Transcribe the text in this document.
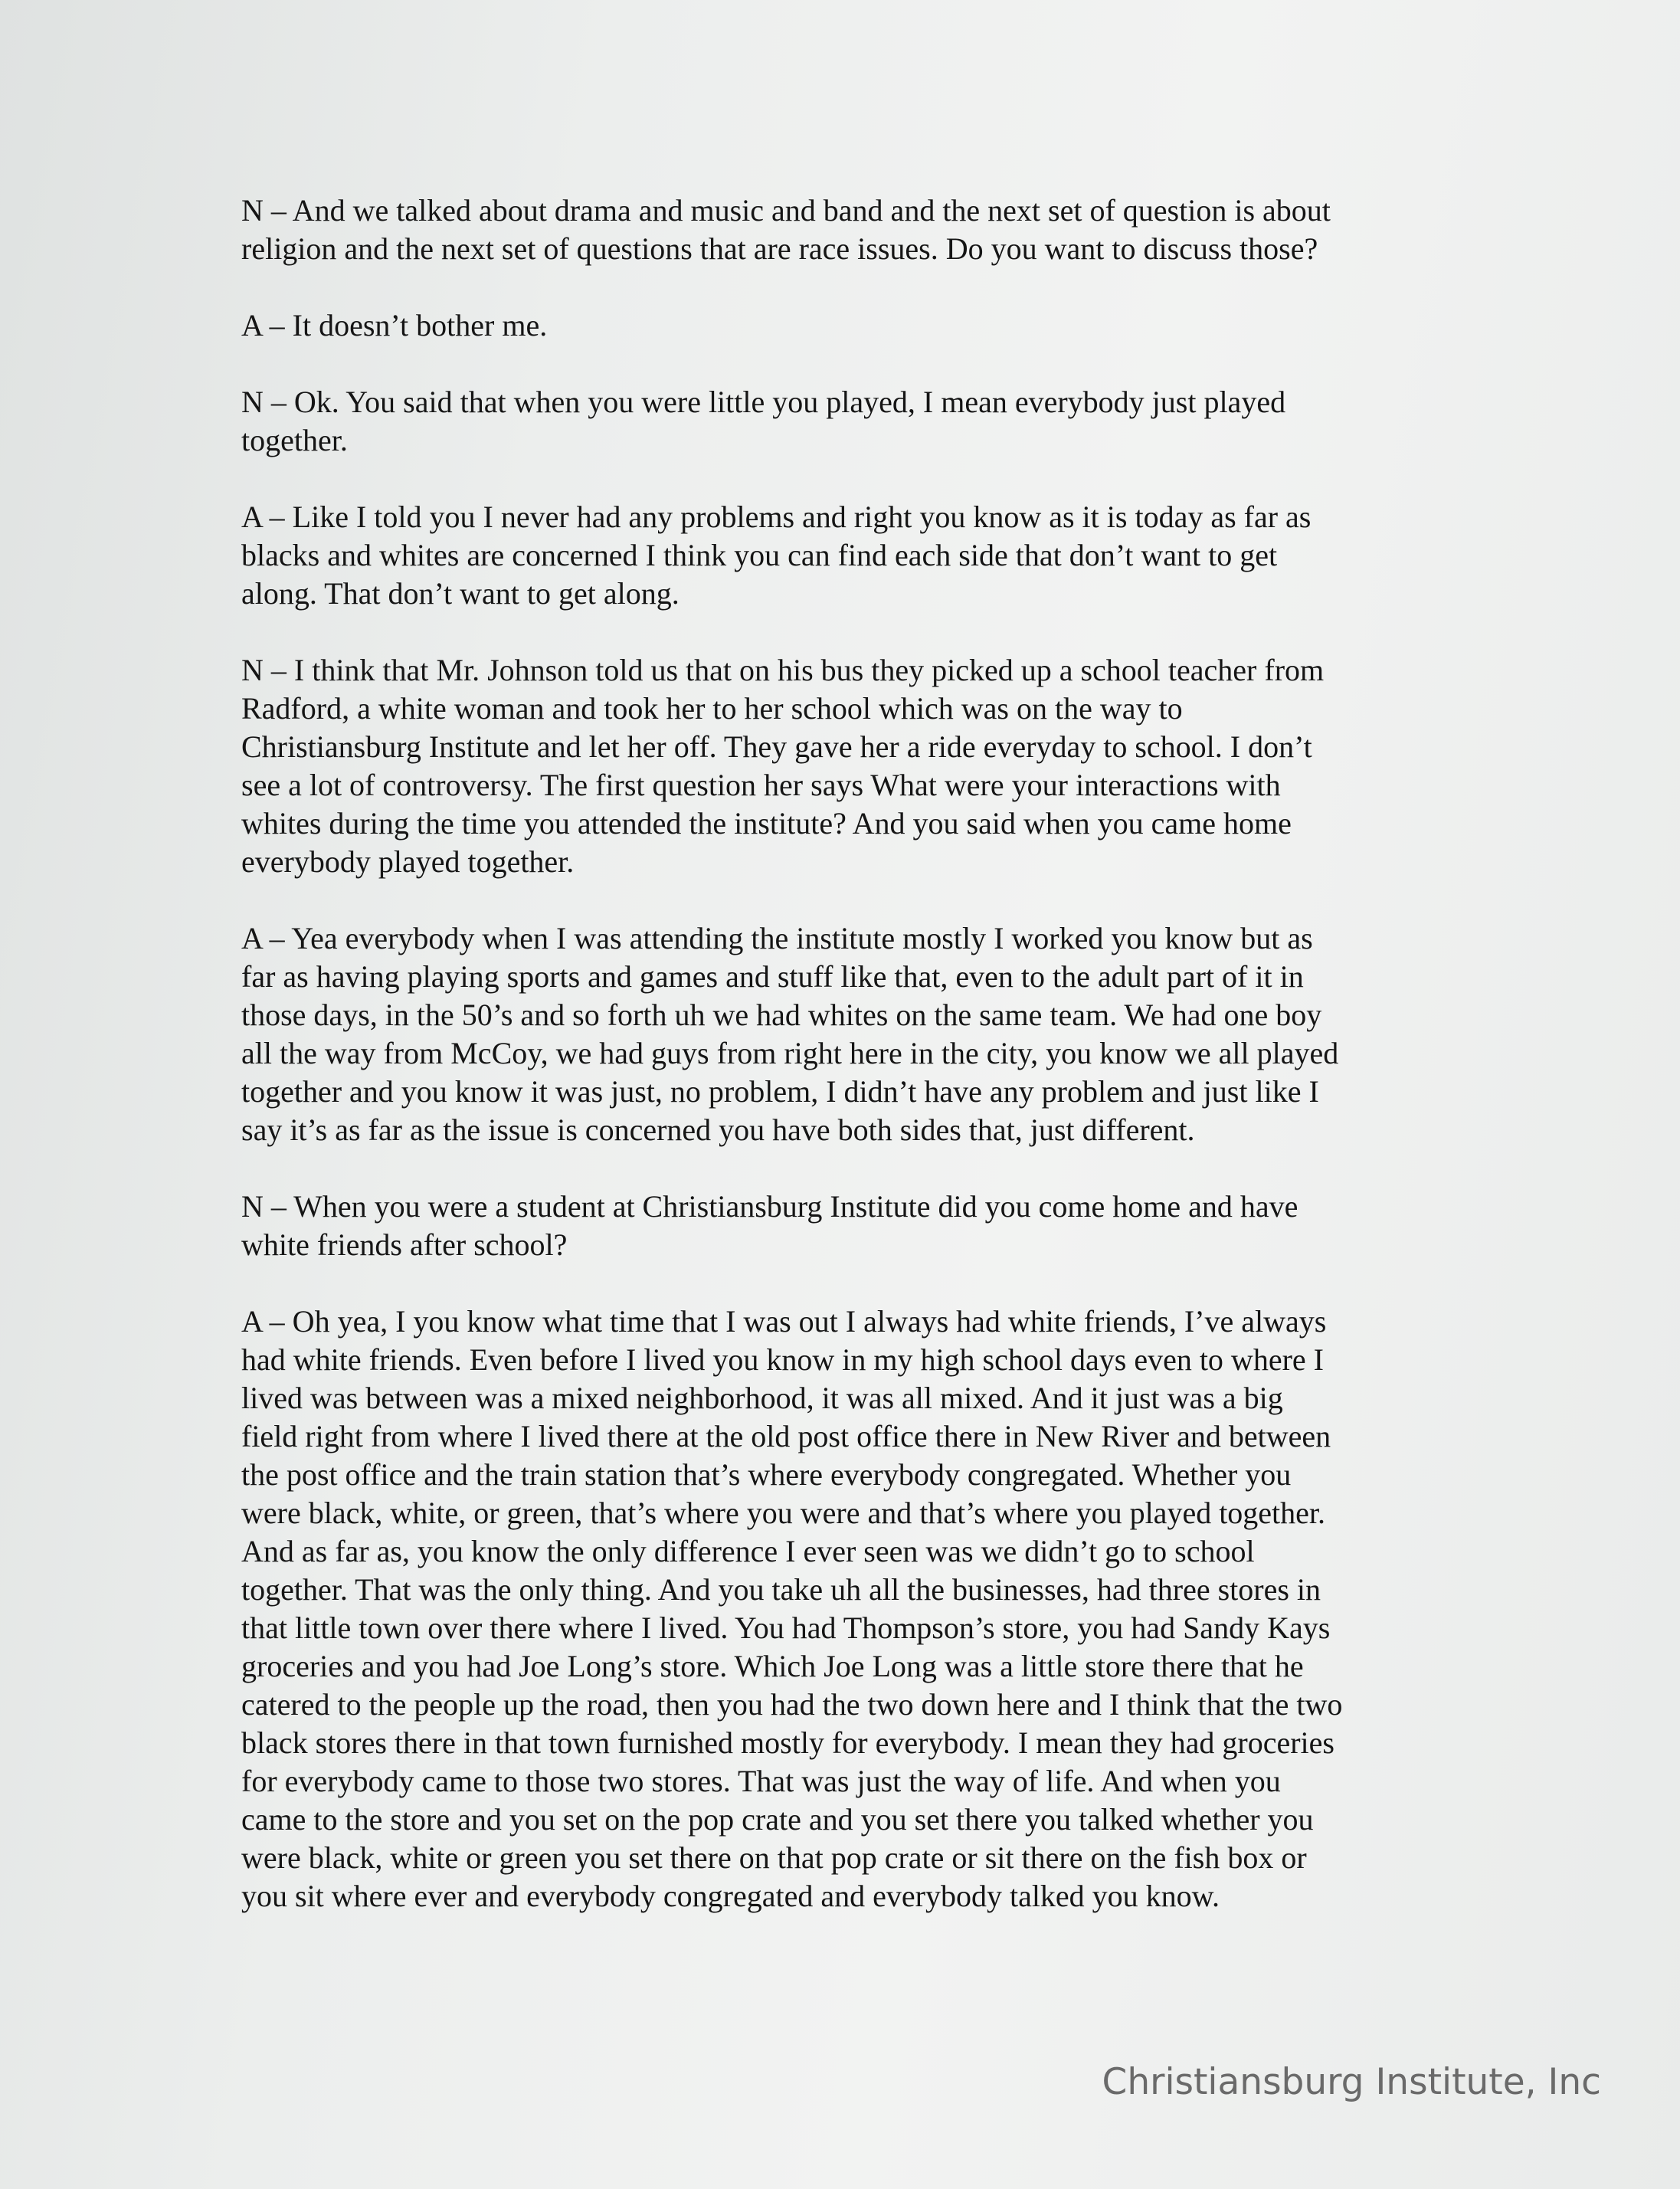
N – And we talked about drama and music and band and the next set of question is about
religion and the next set of questions that are race issues. Do you want to discuss those?

A – It doesn’t bother me.

N – Ok. You said that when you were little you played, I mean everybody just played
together.

A – Like I told you I never had any problems and right you know as it is today as far as
blacks and whites are concerned I think you can find each side that don’t want to get
along. That don’t want to get along.

N – I think that Mr. Johnson told us that on his bus they picked up a school teacher from
Radford, a white woman and took her to her school which was on the way to
Christiansburg Institute and let her off. They gave her a ride everyday to school. I don’t
see a lot of controversy. The first question her says What were your interactions with
whites during the time you attended the institute? And you said when you came home
everybody played together.

A – Yea everybody when I was attending the institute mostly I worked you know but as
far as having playing sports and games and stuff like that, even to the adult part of it in
those days, in the 50’s and so forth uh we had whites on the same team. We had one boy
all the way from McCoy, we had guys from right here in the city, you know we all played
together and you know it was just, no problem, I didn’t have any problem and just like I
say it’s as far as the issue is concerned you have both sides that, just different.

N – When you were a student at Christiansburg Institute did you come home and have
white friends after school?

A – Oh yea, I you know what time that I was out I always had white friends, I’ve always
had white friends. Even before I lived you know in my high school days even to where I
lived was between was a mixed neighborhood, it was all mixed. And it just was a big
field right from where I lived there at the old post office there in New River and between
the post office and the train station that’s where everybody congregated. Whether you
were black, white, or green, that’s where you were and that’s where you played together.
And as far as, you know the only difference I ever seen was we didn’t go to school
together. That was the only thing. And you take uh all the businesses, had three stores in
that little town over there where I lived. You had Thompson’s store, you had Sandy Kays
groceries and you had Joe Long’s store. Which Joe Long was a little store there that he
catered to the people up the road, then you had the two down here and I think that the two
black stores there in that town furnished mostly for everybody. I mean they had groceries
for everybody came to those two stores. That was just the way of life. And when you
came to the store and you set on the pop crate and you set there you talked whether you
were black, white or green you set there on that pop crate or sit there on the fish box or
you sit where ever and everybody congregated and everybody talked you know.

Christiansburg Institute, Inc
